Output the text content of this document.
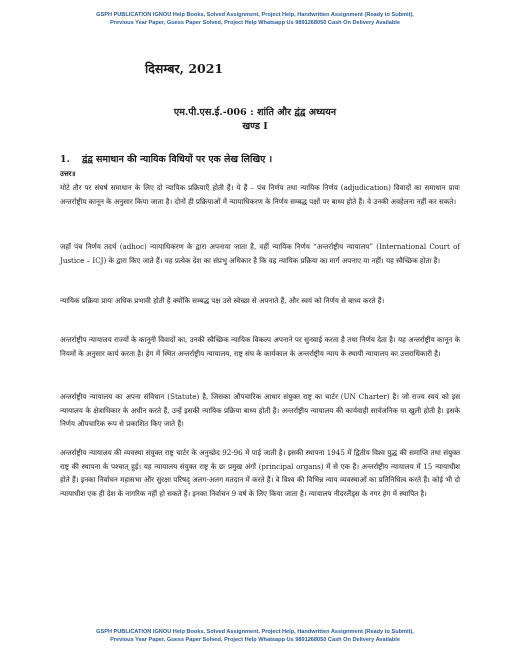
GSPH PUBLICATION IGNOU Help Books, Solved Assignment, Project Help, Handwritten Assignment (Ready to Submit),
Previous Year Paper, Guess Paper Solved, Project Help Whatsapp Us 9891268050 Cash On Delivery Available
दिसम्बर, 2021
एम.पी.एस.ई.-006 : शांति और द्वंद्व अध्ययन
खण्ड I
1. द्वंद्व समाधान की न्यायिक विधियों पर एक लेख लिखिए ।
उत्तर॥

मोटे तौर पर संघर्ष समाधान के लिए दो न्यायिक प्रक्रियाएँ होती हैं। ये हैं – पंच निर्णय तथा न्यायिक निर्णय (adjudication) विवादों का समाधान प्रायः अन्तर्राष्ट्रीय कानून के अनुसार किया जाता है। दोनों ही प्रक्रियाओं में न्यायाधिकरण के निर्णय सम्बद्ध पक्षों पर बाध्य होते हैं। वे उनकी अवहेलना नहीं कर सकते।

जहाँ पंच निर्णय तदर्थ (adhoc) न्यायाधिकरण के द्वारा अपनाया जाता है, वहीं न्यायिक निर्णय “अन्तर्राष्ट्रीय न्यायालय” (International Court of Justice – ICJ) के द्वारा किए जाते हैं। यह प्रत्येक देश का संप्रभु अधिकार है कि वह न्यायिक प्रक्रिया का मार्ग अपनाए या नहीं। यह स्वैच्छिक होता है।

न्यायिक प्रक्रिया प्रायः अधिक प्रभावी होती है क्योंकि सम्बद्ध पक्ष उसे स्वेच्छा से अपनाते हैं, और स्वयं को निर्णय से बाध्य करते हैं।

अन्तर्राष्ट्रीय न्यायालय राज्यों के कानूनी विवादों का, उनकी स्वैच्छिक न्यायिक विकल्प अपनाने पर सुनवाई करता है तथा निर्णय देता है। यह अन्तर्राष्ट्रीय कानून के नियमों के अनुसार कार्य करता है। हेग में स्थित अन्तर्राष्ट्रीय न्यायालय, राष्ट्र संघ के कार्यकाल के अन्तर्राष्ट्रीय न्याय के स्थायी न्यायालय का उत्तराधिकारी है।

अन्तर्राष्ट्रीय न्यायालय का अपना संविधान (Statute) है, जिसका औपचारिक आधार संयुक्त राष्ट्र का चार्टर (UN Charter) है। जो राज्य स्वयं को इस न्यायालय के क्षेत्राधिकार के अधीन करते हैं, उन्हें इसकी न्यायिक प्रक्रिया बाध्य होती है। अन्तर्राष्ट्रीय न्यायालय की कार्यवाही सार्वजनिक या खुली होती है। इसके निर्णय औपचारिक रूप से प्रकाशित किए जाते हैं।

अन्तर्राष्ट्रीय न्यायालय की व्यवस्था संयुक्त राष्ट्र चार्टर के अनुच्छेद 92-96 में पाई जाती है। इसकी स्थापना 1945 में द्वितीय विश्व युद्ध की समाप्ति तथा संयुक्त राष्ट्र की स्थापना के पश्चात् हुई। यह न्यायालय संयुक्त राष्ट्र के छः प्रमुख अंगों (principal organs) में से एक है। अन्तर्राष्ट्रीय न्यायालय में 15 न्यायाधीश होते हैं। इनका निर्वाचन महासभा और सुरक्षा परिषद् अलग-अलग मतदान में करते हैं। वे विश्व की विभिन्न न्याय व्यवस्थाओं का प्रतिनिधित्व करते हैं। कोई भी दो न्यायाधीश एक ही देश के नागरिक नहीं हो सकते हैं। इनका निर्वाचन 9 वर्ष के लिए किया जाता है। न्यायालय नीदरलैंड्स के नगर हेग में स्थापित है।

GSPH PUBLICATION IGNOU Help Books, Solved Assignment, Project Help, Handwritten Assignment (Ready to Submit),
Previous Year Paper, Guess Paper Solved, Project Help Whatsapp Us 9891268050 Cash On Delivery Available
